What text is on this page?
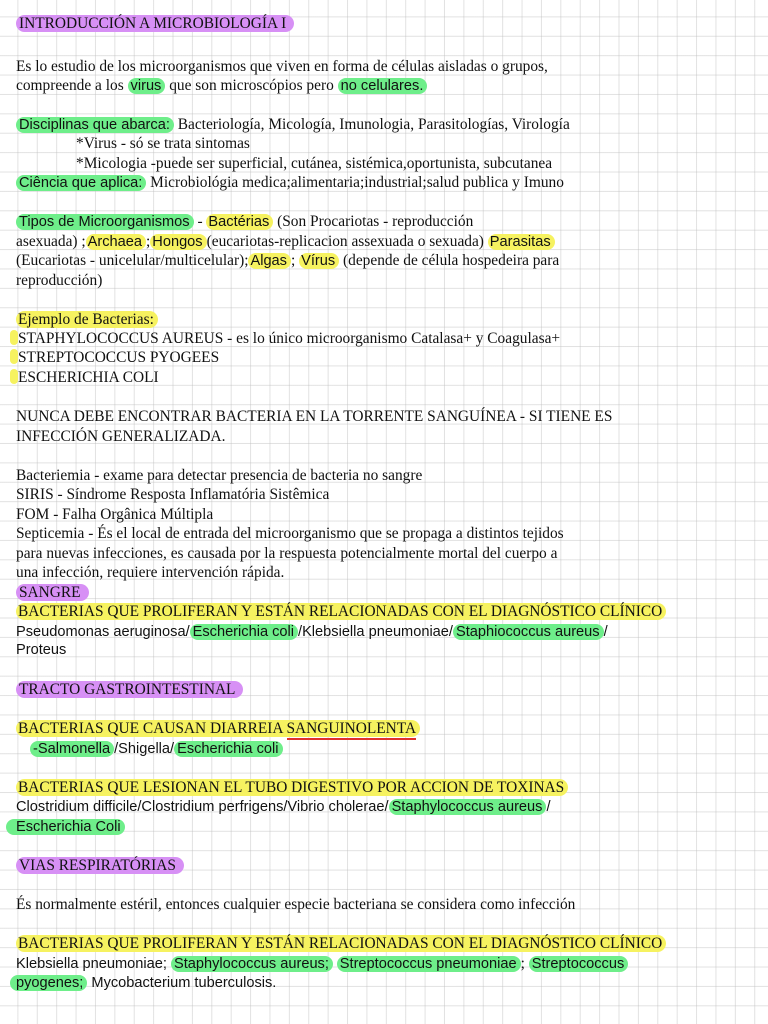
INTRODUCCIÓN A MICROBIOLOGÍA I
Es lo estudio de los microorganismos que viven en forma de células aisladas o grupos,
compreende a los virus que son microscópios pero no celulares.
Disciplinas que abarca: Bacteriología, Micología, Imunologia, Parasitologías, Virología
*Virus - só se trata sintomas
*Micologia -puede ser superficial, cutánea, sistémica,oportunista, subcutanea
Ciência que aplica: Microbiológia medica;alimentaria;industrial;salud publica y Imuno
Tipos de Microorganismos - Bactérias (Son Procariotas - reproducción
asexuada) ; Archaea ; Hongos (eucariotas-replicacion assexuada o sexuada) Parasitas
(Eucariotas - unicelular/multicelular); Algas ; Vírus (depende de célula hospedeira para
reproducción)
Ejemplo de Bacterias:
STAPHYLOCOCCUS AUREUS - es lo único microorganismo Catalasa+ y Coagulasa+
STREPTOCOCCUS PYOGEES
ESCHERICHIA COLI
NUNCA DEBE ENCONTRAR BACTERIA EN LA TORRENTE SANGUÍNEA - SI TIENE ES
INFECCIÓN GENERALIZADA.
Bacteriemia - exame para detectar presencia de bacteria no sangre
SIRIS - Síndrome Resposta Inflamatória Sistêmica
FOM - Falha Orgânica Múltipla
Septicemia - És el local de entrada del microorganismo que se propaga a distintos tejidos
para nuevas infecciones, es causada por la respuesta potencialmente mortal del cuerpo a
una infección, requiere intervención rápida.
SANGRE
BACTERIAS QUE PROLIFERAN Y ESTÁN RELACIONADAS CON EL DIAGNÓSTICO CLÍNICO
Pseudomonas aeruginosa/ Escherichia coli /Klebsiella pneumoniae/ Staphiococcus aureus /
Proteus
TRACTO GASTROINTESTINAL
BACTERIAS QUE CAUSAN DIARREIA SANGUINOLENTA
-Salmonella /Shigella/ Escherichia coli
BACTERIAS QUE LESIONAN EL TUBO DIGESTIVO POR ACCION DE TOXINAS
Clostridium difficile/Clostridium perfrigens/Vibrio cholerae/ Staphylococcus aureus /
Escherichia Coli
VIAS RESPIRATÓRIAS
És normalmente estéril, entonces cualquier especie bacteriana se considera como infección
BACTERIAS QUE PROLIFERAN Y ESTÁN RELACIONADAS CON EL DIAGNÓSTICO CLÍNICO
Klebsiella pneumoniae; Staphylococcus aureus; Streptococcus pneumoniae ; Streptococcus
pyogenes; Mycobacterium tuberculosis.
